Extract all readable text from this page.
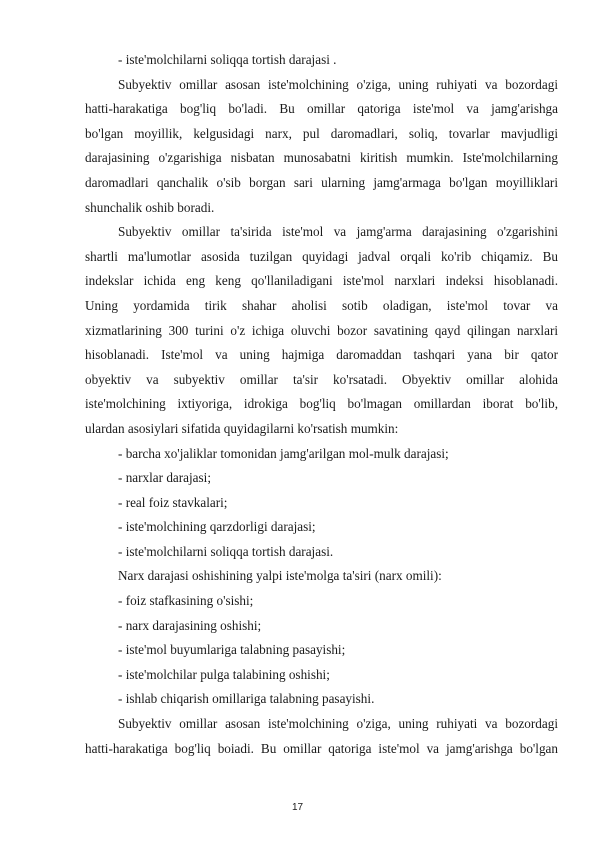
- iste'molchilarni soliqqa tortish darajasi .
Subyektiv omillar asosan iste'molchining o'ziga, uning ruhiyati va bozordagi
hatti-harakatiga bog'liq bo'ladi. Bu omillar qatoriga iste'mol va jamg'arishga
bo'lgan moyillik, kelgusidagi narx, pul daromadlari, soliq, tovarlar mavjudligi
darajasining o'zgarishiga nisbatan munosabatni kiritish mumkin. Iste'molchilarning
daromadlari qanchalik o'sib borgan sari ularning jamg'armaga bo'lgan moyilliklari
shunchalik oshib boradi.
Subyektiv omillar ta'sirida iste'mol va jamg'arma darajasining o'zgarishini
shartli ma'lumotlar asosida tuzilgan quyidagi jadval orqali ko'rib chiqamiz. Bu
indekslar ichida eng keng qo'llaniladigani iste'mol narxlari indeksi hisoblanadi.
Uning yordamida tirik shahar aholisi sotib oladigan, iste'mol tovar va
xizmatlarining 300 turini o'z ichiga oluvchi bozor savatining qayd qilingan narxlari
hisoblanadi. Iste'mol va uning hajmiga daromaddan tashqari yana bir qator
obyektiv va subyektiv omillar ta'sir ko'rsatadi. Obyektiv omillar alohida
iste'molchining ixtiyoriga, idrokiga bog'liq bo'lmagan omillardan iborat bo'lib,
ulardan asosiylari sifatida quyidagilarni ko'rsatish mumkin:
- barcha xo'jaliklar tomonidan jamg'arilgan mol-mulk darajasi;
- narxlar darajasi;
- real foiz stavkalari;
- iste'molchining qarzdorligi darajasi;
- iste'molchilarni soliqqa tortish darajasi.
Narx darajasi oshishining yalpi iste'molga ta'siri (narx omili):
- foiz stafkasining o'sishi;
- narx darajasining oshishi;
- iste'mol buyumlariga talabning pasayishi;
- iste'molchilar pulga talabining oshishi;
- ishlab chiqarish omillariga talabning pasayishi.
Subyektiv omillar asosan iste'molchining o'ziga, uning ruhiyati va bozordagi
hatti-harakatiga bog'liq boiadi. Bu omillar qatoriga iste'mol va jamg'arishga bo'lgan
17
